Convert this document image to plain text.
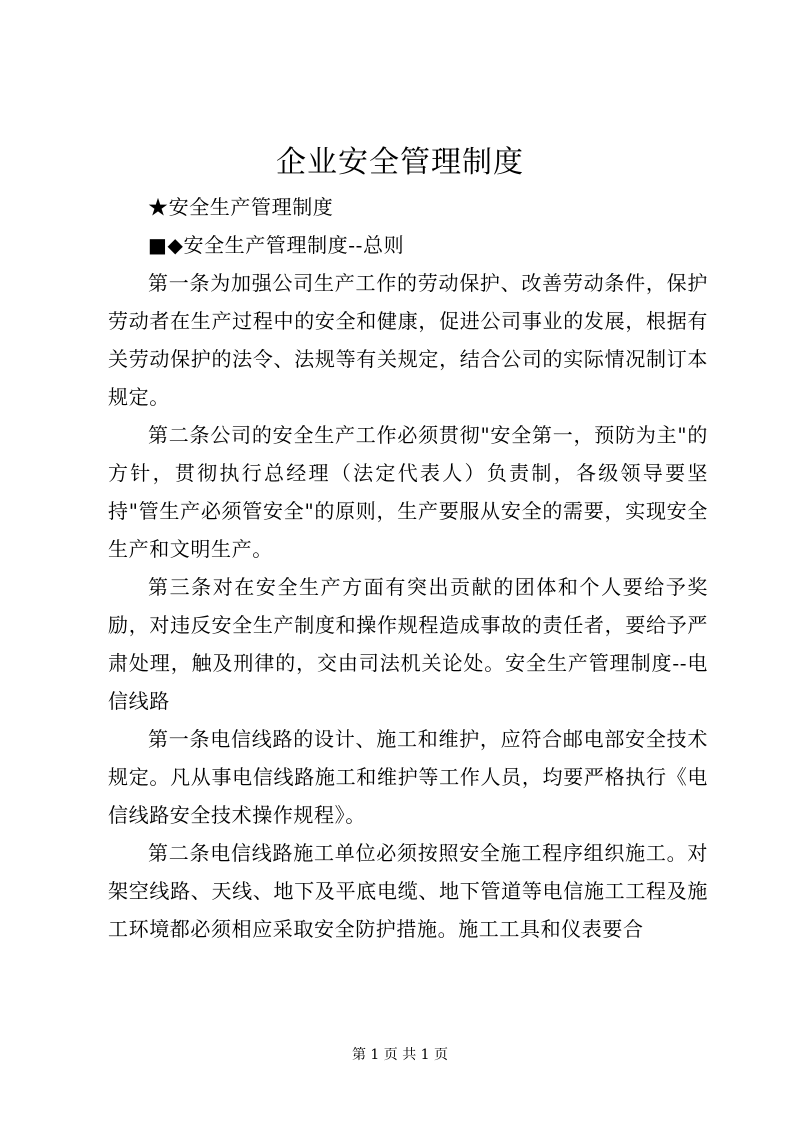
企业安全管理制度

★安全生产管理制度

■◆安全生产管理制度--总则

第一条为加强公司生产工作的劳动保护、改善劳动条件，保护劳动者在生产过程中的安全和健康，促进公司事业的发展，根据有关劳动保护的法令、法规等有关规定，结合公司的实际情况制订本规定。

第二条公司的安全生产工作必须贯彻"安全第一，预防为主"的方针，贯彻执行总经理（法定代表人）负责制，各级领导要坚持"管生产必须管安全"的原则，生产要服从安全的需要，实现安全生产和文明生产。

第三条对在安全生产方面有突出贡献的团体和个人要给予奖励，对违反安全生产制度和操作规程造成事故的责任者，要给予严肃处理，触及刑律的，交由司法机关论处。安全生产管理制度--电信线路

第一条电信线路的设计、施工和维护，应符合邮电部安全技术规定。凡从事电信线路施工和维护等工作人员，均要严格执行《电信线路安全技术操作规程》。

第二条电信线路施工单位必须按照安全施工程序组织施工。对架空线路、天线、地下及平底电缆、地下管道等电信施工工程及施工环境都必须相应采取安全防护措施。施工工具和仪表要合

第 1 页 共 1 页
